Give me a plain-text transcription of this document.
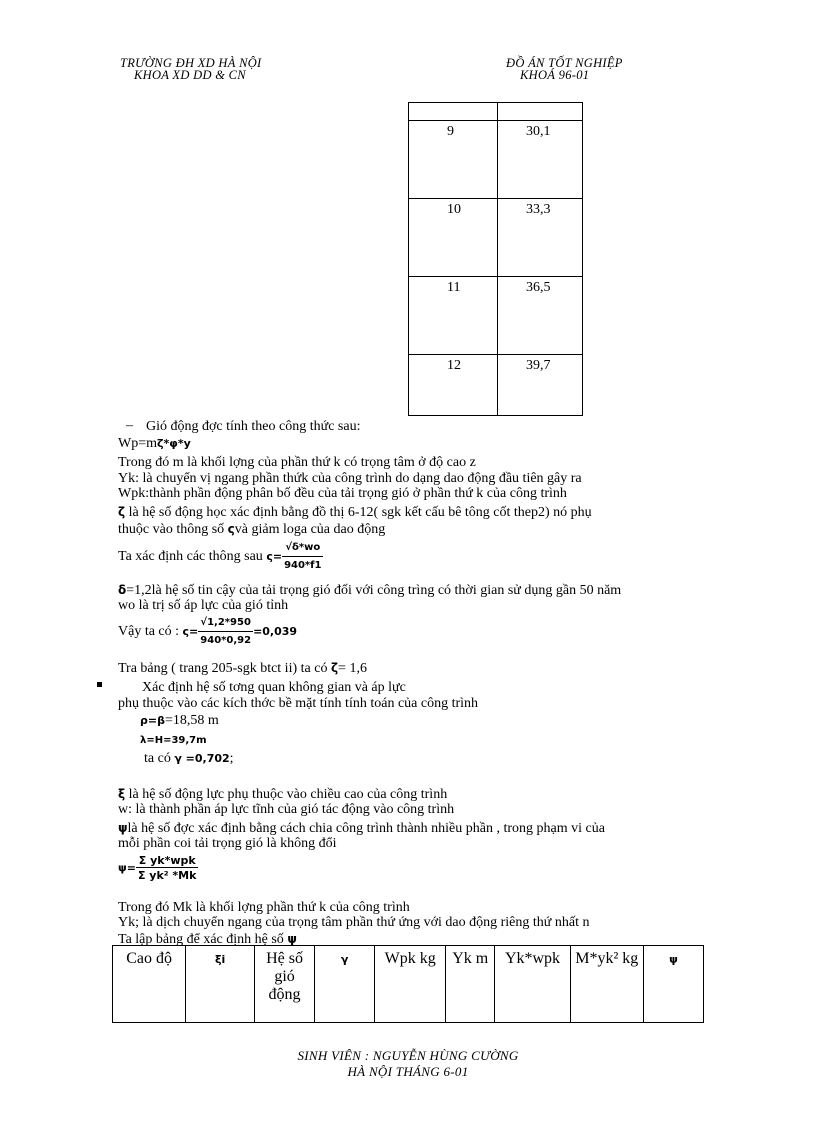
TRƯỜNG ĐH XD HÀ NỘI
KHOA XD DD & CN
ĐỒ ÁN TỐT NGHIỆP
KHOÁ 96-01

9	30,1

10	33,3

11	36,5

12	39,7
– Gió động đợc tính theo công thức sau:
Wp=mζ*φ*y
Trong đó m là khối lợng của phần thứ k có trọng tâm ở độ cao z
Yk: là chuyển vị ngang phần thứk của công trình do dạng dao động đầu tiên gây ra
Wpk:thành phần động phân bố đều của tải trọng gió ở phần thứ k của công trình
ζ là hệ số động học xác định bằng đồ thị 6-12( sgk kết cấu bê tông cốt thep2) nó phụ
thuộc vào thông số ςvà giảm loga của dao động
Ta xác định các thông sau $\varsigma= \frac{√\delta*wo}{940*f1}$
δ=1,2là hệ số tin cậy của tải trọng gió đối với công trìng có thời gian sử dụng gần 50 năm
wo là trị số áp lực của gió tỉnh
Vậy ta có : $\varsigma= \frac{√1,2*950}{940*0,92} =0,039$
Tra bảng ( trang 205-sgk btct ii) ta có ζ= 1,6
Xác định hệ số tơng quan không gian và áp lực
phụ thuộc vào các kích thớc bề mặt tính tính toán của công trình
ρ=β=18,58 m
λ=H=39,7m
ta có γ =0,702;
ξ là hệ số động lực phụ thuộc vào chiều cao của công trình
w: là thành phần áp lực tĩnh của gió tác động vào công trình
ψlà hệ số đợc xác định bằng cách chia công trình thành nhiều phần , trong phạm vi của
mỗi phần coi tải trọng gió là không đổi
$\psi= \frac{\text{Σ yk*wpk}}{\text{Σ yk² *Mk}}$
Trong đó Mk là khối lợng phần thứ k của công trình
Yk; là dịch chuyển ngang của trọng tâm phần thứ ứng với dao động riêng thứ nhất n
Ta lập bảng để xác định hệ số ψ
Cao độ	ξi	Hệ số gió động	γ	Wpk kg	Yk m	Yk*wpk	M*yk² kg	ψ
SINH VIÊN : NGUYỄN HÙNG CƯỜNG
HÀ NỘI THÁNG 6-01
